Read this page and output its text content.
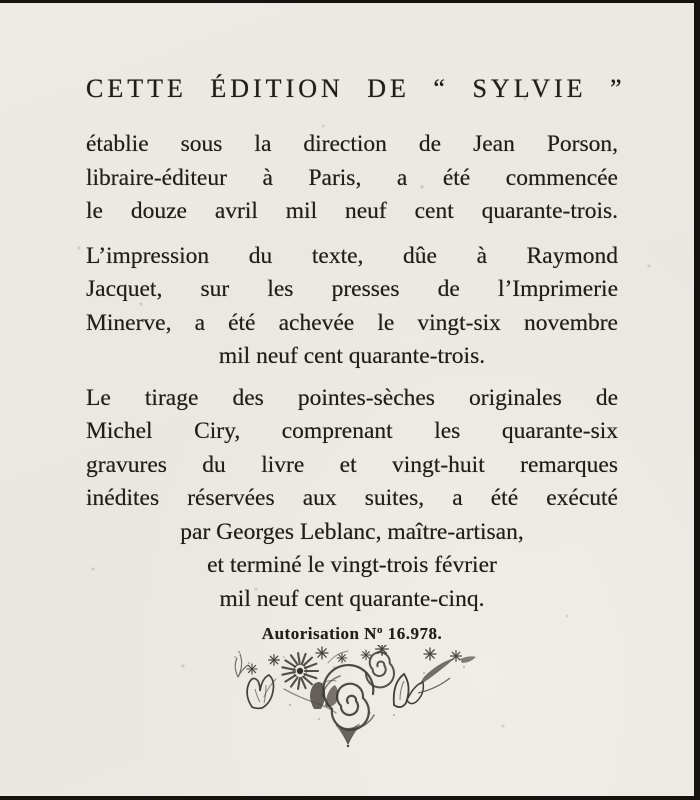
CETTE ÉDITION DE “ SYLVIE ”
établie sous la direction de Jean Porson,
libraire-éditeur à Paris, a été commencée
le douze avril mil neuf cent quarante-trois.
L’impression du texte, dûe à Raymond
Jacquet, sur les presses de l’Imprimerie
Minerve, a été achevée le vingt-six novembre
mil neuf cent quarante-trois.
Le tirage des pointes-sèches originales de
Michel Ciry, comprenant les quarante-six
gravures du livre et vingt-huit remarques
inédites réservées aux suites, a été exécuté
par Georges Leblanc, maître-artisan,
et terminé le vingt-trois février
mil neuf cent quarante-cinq.
Autorisation $N^o$ 16.978.
